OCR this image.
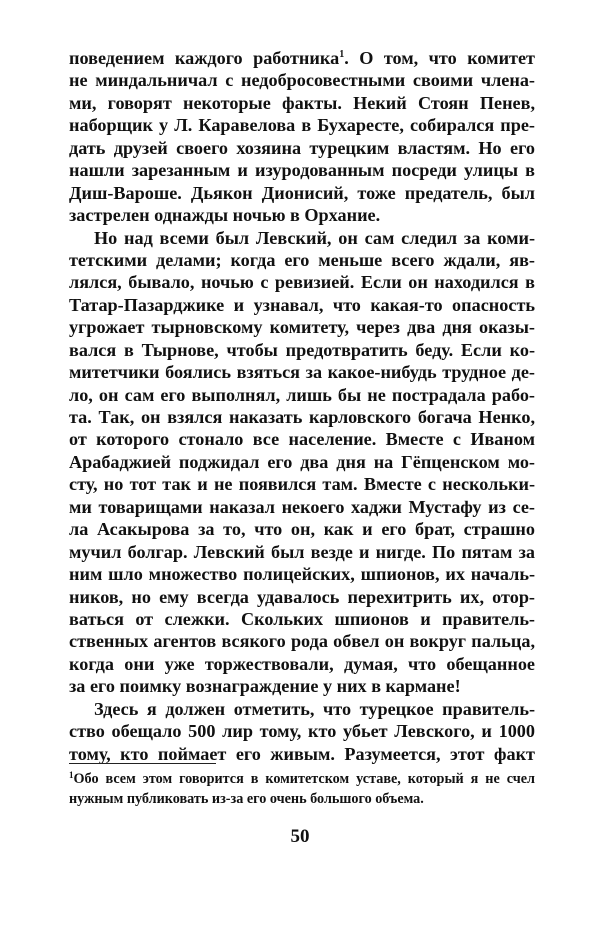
поведением каждого работника$^1$. О том, что комитет
не миндальничал с недобросовестными своими члена-
ми, говорят некоторые факты. Некий Стоян Пенев,
наборщик у Л. Каравелова в Бухаресте, собирался пре-
дать друзей своего хозяина турецким властям. Но его
нашли зарезанным и изуродованным посреди улицы в
Диш-Вароше. Дьякон Дионисий, тоже предатель, был
застрелен однажды ночью в Орхание.
Но над всеми был Левский, он сам следил за коми-
тетскими делами; когда его меньше всего ждали, яв-
лялся, бывало, ночью с ревизией. Если он находился в
Татар-Пазарджике и узнавал, что какая-то опасность
угрожает тырновскому комитету, через два дня оказы-
вался в Тырнове, чтобы предотвратить беду. Если ко-
митетчики боялись взяться за какое-нибудь трудное де-
ло, он сам его выполнял, лишь бы не пострадала рабо-
та. Так, он взялся наказать карловского богача Ненко,
от которого стонало все население. Вместе с Иваном
Арабаджией поджидал его два дня на Гёпценском мо-
сту, но тот так и не появился там. Вместе с нескольки-
ми товарищами наказал некоего хаджи Мустафу из се-
ла Асакырова за то, что он, как и его брат, страшно
мучил болгар. Левский был везде и нигде. По пятам за
ним шло множество полицейских, шпионов, их началь-
ников, но ему всегда удавалось перехитрить их, отор-
ваться от слежки. Скольких шпионов и правитель-
ственных агентов всякого рода обвел он вокруг пальца,
когда они уже торжествовали, думая, что обещанное
за его поимку вознаграждение у них в кармане!
Здесь я должен отметить, что турецкое правитель-
ство обещало 500 лир тому, кто убьет Левского, и 1000
тому, кто поймает его живым. Разумеется, этот факт
$^1$Обо всем этом говорится в комитетском уставе, который я не счел
нужным публиковать из-за его очень большого объема.
50
